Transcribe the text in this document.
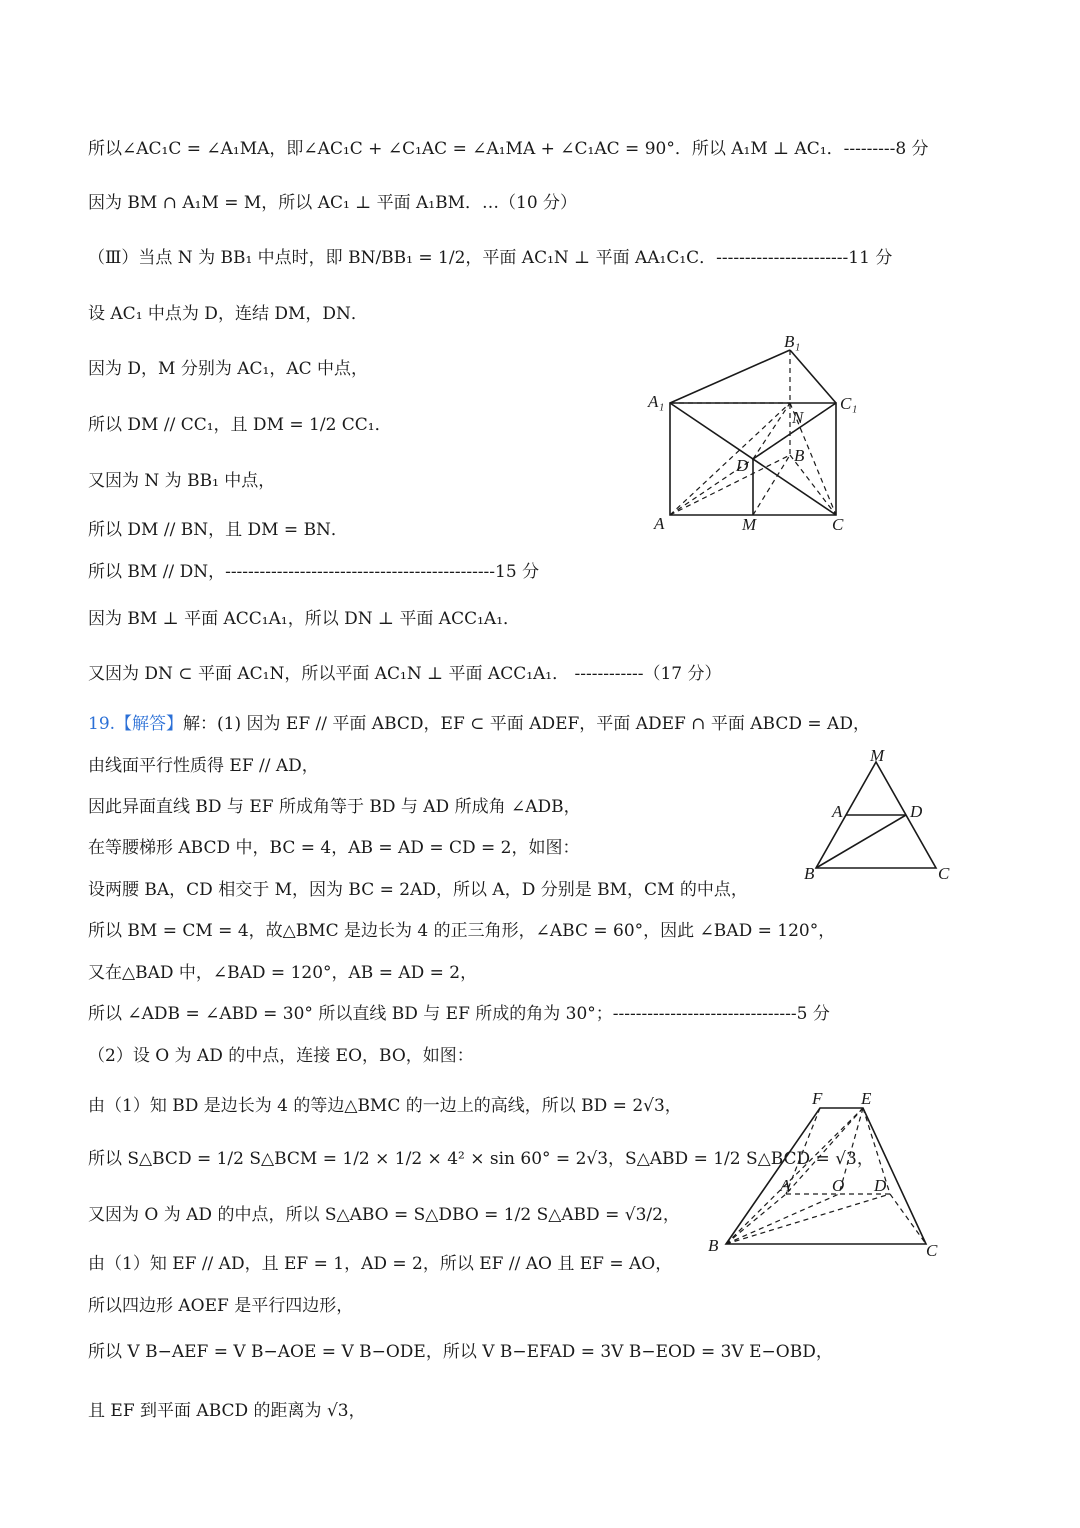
所以∠AC₁C = ∠A₁MA，即∠AC₁C + ∠C₁AC = ∠A₁MA + ∠C₁AC = 90°．所以 A₁M ⊥ AC₁．---------8 分
因为 BM ∩ A₁M = M，所以 AC₁ ⊥ 平面 A₁BM．…（10 分）
（Ⅲ）当点 N 为 BB₁ 中点时，即 BN/BB₁ = 1/2，平面 AC₁N ⊥ 平面 AA₁C₁C．-----------------------11 分
设 AC₁ 中点为 D，连结 DM，DN．
因为 D，M 分别为 AC₁，AC 中点，
所以 DM // CC₁，且 DM = 1/2 CC₁．
又因为 N 为 BB₁ 中点，
所以 DM // BN，且 DM = BN．
所以 BM // DN，-----------------------------------------------15 分
因为 BM ⊥ 平面 ACC₁A₁，所以 DN ⊥ 平面 ACC₁A₁．
又因为 DN ⊂ 平面 AC₁N，所以平面 AC₁N ⊥ 平面 ACC₁A₁． ------------（17 分）
19.【解答】解：(1) 因为 EF // 平面 ABCD，EF ⊂ 平面 ADEF，平面 ADEF ∩ 平面 ABCD = AD，
由线面平行性质得 EF // AD，
因此异面直线 BD 与 EF 所成角等于 BD 与 AD 所成角 ∠ADB，
在等腰梯形 ABCD 中，BC = 4，AB = AD = CD = 2，如图：
设两腰 BA，CD 相交于 M，因为 BC = 2AD，所以 A，D 分别是 BM，CM 的中点，
所以 BM = CM = 4，故△BMC 是边长为 4 的正三角形，∠ABC = 60°，因此 ∠BAD = 120°，
又在△BAD 中，∠BAD = 120°，AB = AD = 2，
所以 ∠ADB = ∠ABD = 30° 所以直线 BD 与 EF 所成的角为 30°；--------------------------------5 分
（2）设 O 为 AD 的中点，连接 EO，BO，如图：
由（1）知 BD 是边长为 4 的等边△BMC 的一边上的高线，所以 BD = 2√3，
所以 S△BCD = 1/2 S△BCM = 1/2 × 1/2 × 4² × sin 60° = 2√3，S△ABD = 1/2 S△BCD = √3，
又因为 O 为 AD 的中点，所以 S△ABO = S△DBO = 1/2 S△ABD = √3/2，
由（1）知 EF // AD，且 EF = 1，AD = 2，所以 EF // AO 且 EF = AO，
所以四边形 AOEF 是平行四边形，
所以 V B−AEF = V B−AOE = V B−ODE，所以 V B−EFAD = 3V B−EOD = 3V E−OBD，
且 EF 到平面 ABCD 的距离为 √3，
B₁
A₁	C₁
N
D
B
A	M	C
M
A	D
B	C
F E
A O D
B	C
